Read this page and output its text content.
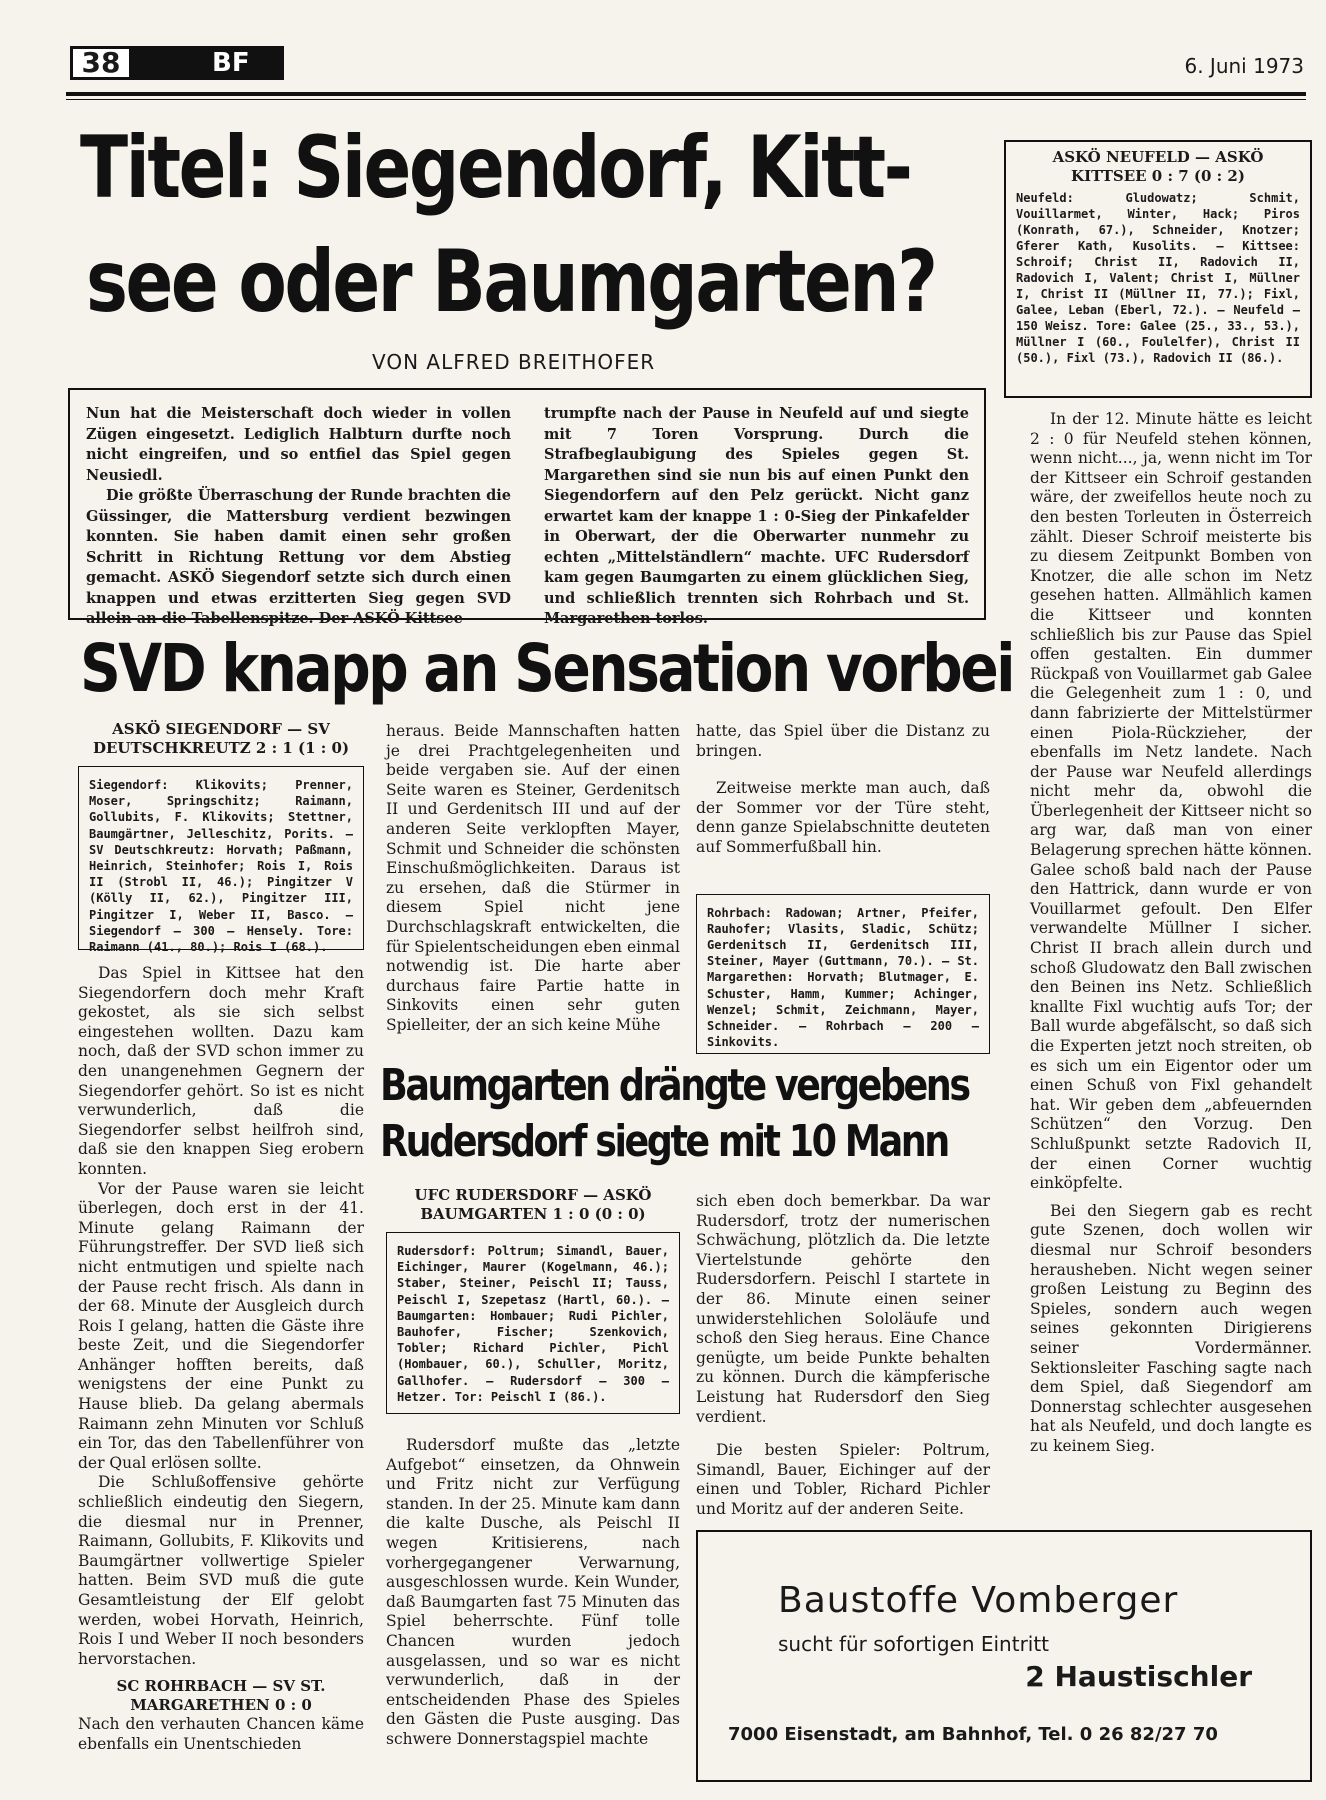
38	BF	6. Juni 1973
Titel: Siegendorf, Kitt-
see oder Baumgarten?
VON ALFRED BREITHOFER

Nun hat die Meisterschaft doch wieder in vollen Zügen eingesetzt. Lediglich Halbturn durfte noch nicht eingreifen, und so entfiel das Spiel gegen Neusiedl.

Die größte Überraschung der Runde brachten die Güssinger, die Mattersburg verdient bezwingen konnten. Sie haben damit einen sehr großen Schritt in Richtung Rettung vor dem Abstieg gemacht. ASKÖ Siegendorf setzte sich durch einen knappen und etwas erzitterten Sieg gegen SVD allein an die Tabellenspitze. Der ASKÖ Kittsee

trumpfte nach der Pause in Neufeld auf und siegte mit 7 Toren Vorsprung. Durch die Strafbeglaubigung des Spieles gegen St. Margarethen sind sie nun bis auf einen Punkt den Siegendorfern auf den Pelz gerückt. Nicht ganz erwartet kam der knappe 1 : 0-Sieg der Pinkafelder in Oberwart, der die Oberwarter nunmehr zu echten „Mittelständlern“ machte. UFC Rudersdorf kam gegen Baumgarten zu einem glücklichen Sieg, und schließlich trennten sich Rohrbach und St. Margarethen torlos.

SVD knapp an Sensation vorbei
ASKÖ SIEGENDORF — SV DEUTSCHKREUTZ 2 : 1 (1 : 0)

Siegendorf: Klikovits; Prenner, Moser, Springschitz; Raimann, Gollubits, F. Klikovits; Stettner, Baumgärtner, Jelleschitz, Porits. — SV Deutschkreutz: Horvath; Paßmann, Heinrich, Steinhofer; Rois I, Rois II (Strobl II, 46.); Pingitzer V (Kölly II, 62.), Pingitzer III, Pingitzer I, Weber II, Basco. — Siegendorf — 300 — Hensely. Tore: Raimann (41., 80.); Rois I (68.).

Das Spiel in Kittsee hat den Siegendorfern doch mehr Kraft gekostet, als sie sich selbst eingestehen wollten. Dazu kam noch, daß der SVD schon immer zu den unangenehmen Gegnern der Siegendorfer gehört. So ist es nicht verwunderlich, daß die Siegendorfer selbst heilfroh sind, daß sie den knappen Sieg erobern konnten.

Vor der Pause waren sie leicht überlegen, doch erst in der 41. Minute gelang Raimann der Führungstreffer. Der SVD ließ sich nicht entmutigen und spielte nach der Pause recht frisch. Als dann in der 68. Minute der Ausgleich durch Rois I gelang, hatten die Gäste ihre beste Zeit, und die Siegendorfer Anhänger hofften bereits, daß wenigstens der eine Punkt zu Hause blieb. Da gelang abermals Raimann zehn Minuten vor Schluß ein Tor, das den Tabellenführer von der Qual erlösen sollte.

Die Schlußoffensive gehörte schließlich eindeutig den Siegern, die diesmal nur in Prenner, Raimann, Gollubits, F. Klikovits und Baumgärtner vollwertige Spieler hatten. Beim SVD muß die gute Gesamtleistung der Elf gelobt werden, wobei Horvath, Heinrich, Rois I und Weber II noch besonders hervorstachen.

SC ROHRBACH — SV ST. MARGARETHEN 0 : 0

Nach den verhauten Chancen käme ebenfalls ein Unentschieden

heraus. Beide Mannschaften hatten je drei Prachtgelegenheiten und beide vergaben sie. Auf der einen Seite waren es Steiner, Gerdenitsch II und Gerdenitsch III und auf der anderen Seite verklopften Mayer, Schmit und Schneider die schönsten Einschußmöglichkeiten. Daraus ist zu ersehen, daß die Stürmer in diesem Spiel nicht jene Durchschlagskraft entwickelten, die für Spielentscheidungen eben einmal notwendig ist. Die harte aber durchaus faire Partie hatte in Sinkovits einen sehr guten Spielleiter, der an sich keine Mühe

hatte, das Spiel über die Distanz zu bringen.

Zeitweise merkte man auch, daß der Sommer vor der Türe steht, denn ganze Spielabschnitte deuteten auf Sommerfußball hin.

Rohrbach: Radowan; Artner, Pfeifer, Rauhofer; Vlasits, Sladic, Schütz; Gerdenitsch II, Gerdenitsch III, Steiner, Mayer (Guttmann, 70.). — St. Margarethen: Horvath; Blutmager, E. Schuster, Hamm, Kummer; Achinger, Wenzel; Schmit, Zeichmann, Mayer, Schneider. — Rohrbach — 200 — Sinkovits.

Baumgarten drängte vergebens
Rudersdorf siegte mit 10 Mann
UFC RUDERSDORF — ASKÖ BAUMGARTEN 1 : 0 (0 : 0)

Rudersdorf: Poltrum; Simandl, Bauer, Eichinger, Maurer (Kogelmann, 46.); Staber, Steiner, Peischl II; Tauss, Peischl I, Szepetasz (Hartl, 60.). — Baumgarten: Hombauer; Rudi Pichler, Bauhofer, Fischer; Szenkovich, Tobler; Richard Pichler, Pichl (Hombauer, 60.), Schuller, Moritz, Gallhofer. — Rudersdorf — 300 — Hetzer. Tor: Peischl I (86.).

Rudersdorf mußte das „letzte Aufgebot“ einsetzen, da Ohnwein und Fritz nicht zur Verfügung standen. In der 25. Minute kam dann die kalte Dusche, als Peischl II wegen Kritisierens, nach vorhergegangener Verwarnung, ausgeschlossen wurde. Kein Wunder, daß Baumgarten fast 75 Minuten das Spiel beherrschte. Fünf tolle Chancen wurden jedoch ausgelassen, und so war es nicht verwunderlich, daß in der entscheidenden Phase des Spieles den Gästen die Puste ausging. Das schwere Donnerstagspiel machte

sich eben doch bemerkbar. Da war Rudersdorf, trotz der numerischen Schwächung, plötzlich da. Die letzte Viertelstunde gehörte den Rudersdorfern. Peischl I startete in der 86. Minute einen seiner unwiderstehlichen Sololäufe und schoß den Sieg heraus. Eine Chance genügte, um beide Punkte behalten zu können. Durch die kämpferische Leistung hat Rudersdorf den Sieg verdient.

Die besten Spieler: Poltrum, Simandl, Bauer, Eichinger auf der einen und Tobler, Richard Pichler und Moritz auf der anderen Seite.

ASKÖ NEUFELD — ASKÖ KITTSEE 0 : 7 (0 : 2)

Neufeld: Gludowatz; Schmit, Vouillarmet, Winter, Hack; Piros (Konrath, 67.), Schneider, Knotzer; Gferer Kath, Kusolits. — Kittsee: Schroif; Christ II, Radovich II, Radovich I, Valent; Christ I, Müllner I, Christ II (Müllner II, 77.); Fixl, Galee, Leban (Eberl, 72.). — Neufeld — 150 Weisz. Tore: Galee (25., 33., 53.), Müllner I (60., Foulelfer), Christ II (50.), Fixl (73.), Radovich II (86.).

In der 12. Minute hätte es leicht 2 : 0 für Neufeld stehen können, wenn nicht..., ja, wenn nicht im Tor der Kittseer ein Schroif gestanden wäre, der zweifellos heute noch zu den besten Torleuten in Österreich zählt. Dieser Schroif meisterte bis zu diesem Zeitpunkt Bomben von Knotzer, die alle schon im Netz gesehen hatten. Allmählich kamen die Kittseer und konnten schließlich bis zur Pause das Spiel offen gestalten. Ein dummer Rückpaß von Vouillarmet gab Galee die Gelegenheit zum 1 : 0, und dann fabrizierte der Mittelstürmer einen Piola-Rückzieher, der ebenfalls im Netz landete. Nach der Pause war Neufeld allerdings nicht mehr da, obwohl die Überlegenheit der Kittseer nicht so arg war, daß man von einer Belagerung sprechen hätte können. Galee schoß bald nach der Pause den Hattrick, dann wurde er von Vouillarmet gefoult. Den Elfer verwandelte Müllner I sicher. Christ II brach allein durch und schoß Gludowatz den Ball zwischen den Beinen ins Netz. Schließlich knallte Fixl wuchtig aufs Tor; der Ball wurde abgefälscht, so daß sich die Experten jetzt noch streiten, ob es sich um ein Eigentor oder um einen Schuß von Fixl gehandelt hat. Wir geben dem „abfeuernden Schützen“ den Vorzug. Den Schlußpunkt setzte Radovich II, der einen Corner wuchtig einköpfelte.

Bei den Siegern gab es recht gute Szenen, doch wollen wir diesmal nur Schroif besonders herausheben. Nicht wegen seiner großen Leistung zu Beginn des Spieles, sondern auch wegen seines gekonnten Dirigierens seiner Vordermänner. Sektionsleiter Fasching sagte nach dem Spiel, daß Siegendorf am Donnerstag schlechter ausgesehen hat als Neufeld, und doch langte es zu keinem Sieg.

Baustoffe Vomberger
sucht für sofortigen Eintritt
2 Haustischler
7000 Eisenstadt, am Bahnhof, Tel. 0 26 82/27 70
